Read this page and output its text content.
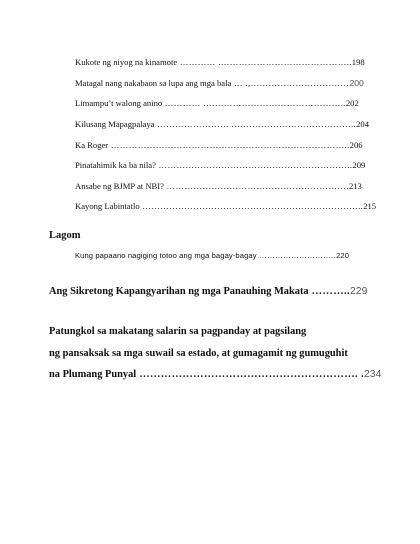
Kukote ng niyog na kinamote ………… .……………………………………..198
Matagal nang nakabaon sa lupa ang mga bala … .,……………………………200
Limampu’t walong anino ………… .………………………………………..202
Kilusang Mapagpalaya …………………… .…………………………………..204
Ka Roger ……………………………………………………………………..206
Pinatahimik ka ba nila? ………………………………………………………..209
Ansabe ng BJMP at NBI? …………………………………………………….213
Kayong Labintatlo ………………………………………………………………..215
Lagom
Kung papaano nagiging totoo ang mga bagay-bagay ………………………..220
Ang Sikretong Kapangyarihan ng mga Panauhing Makata ………..229
Patungkol sa makatang salarin sa pagpanday at pagsilang
ng pansaksak sa mga suwail sa estado, at gumagamit ng gumuguhit
na Plumang Punyal ……………………………………………………. .234
